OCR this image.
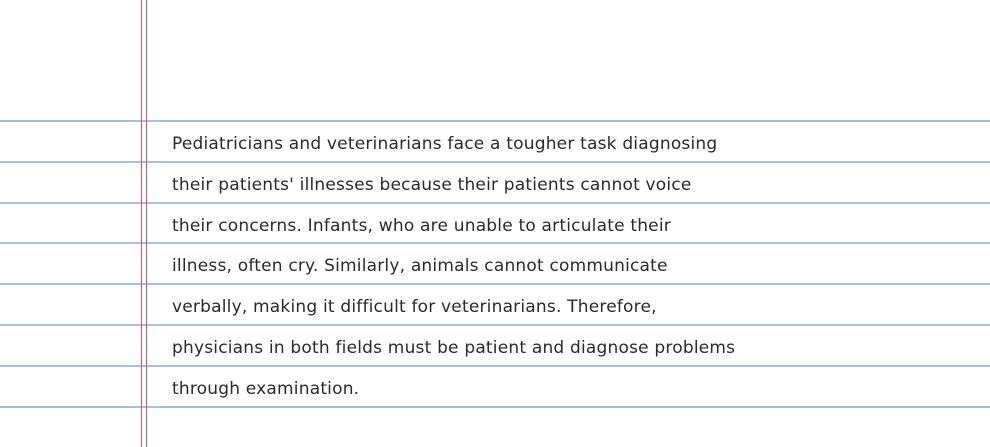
Pediatricians and veterinarians face a tougher task diagnosing
their patients' illnesses because their patients cannot voice
their concerns. Infants, who are unable to articulate their
illness, often cry. Similarly, animals cannot communicate
verbally, making it difficult for veterinarians. Therefore,
physicians in both fields must be patient and diagnose problems
through examination.
